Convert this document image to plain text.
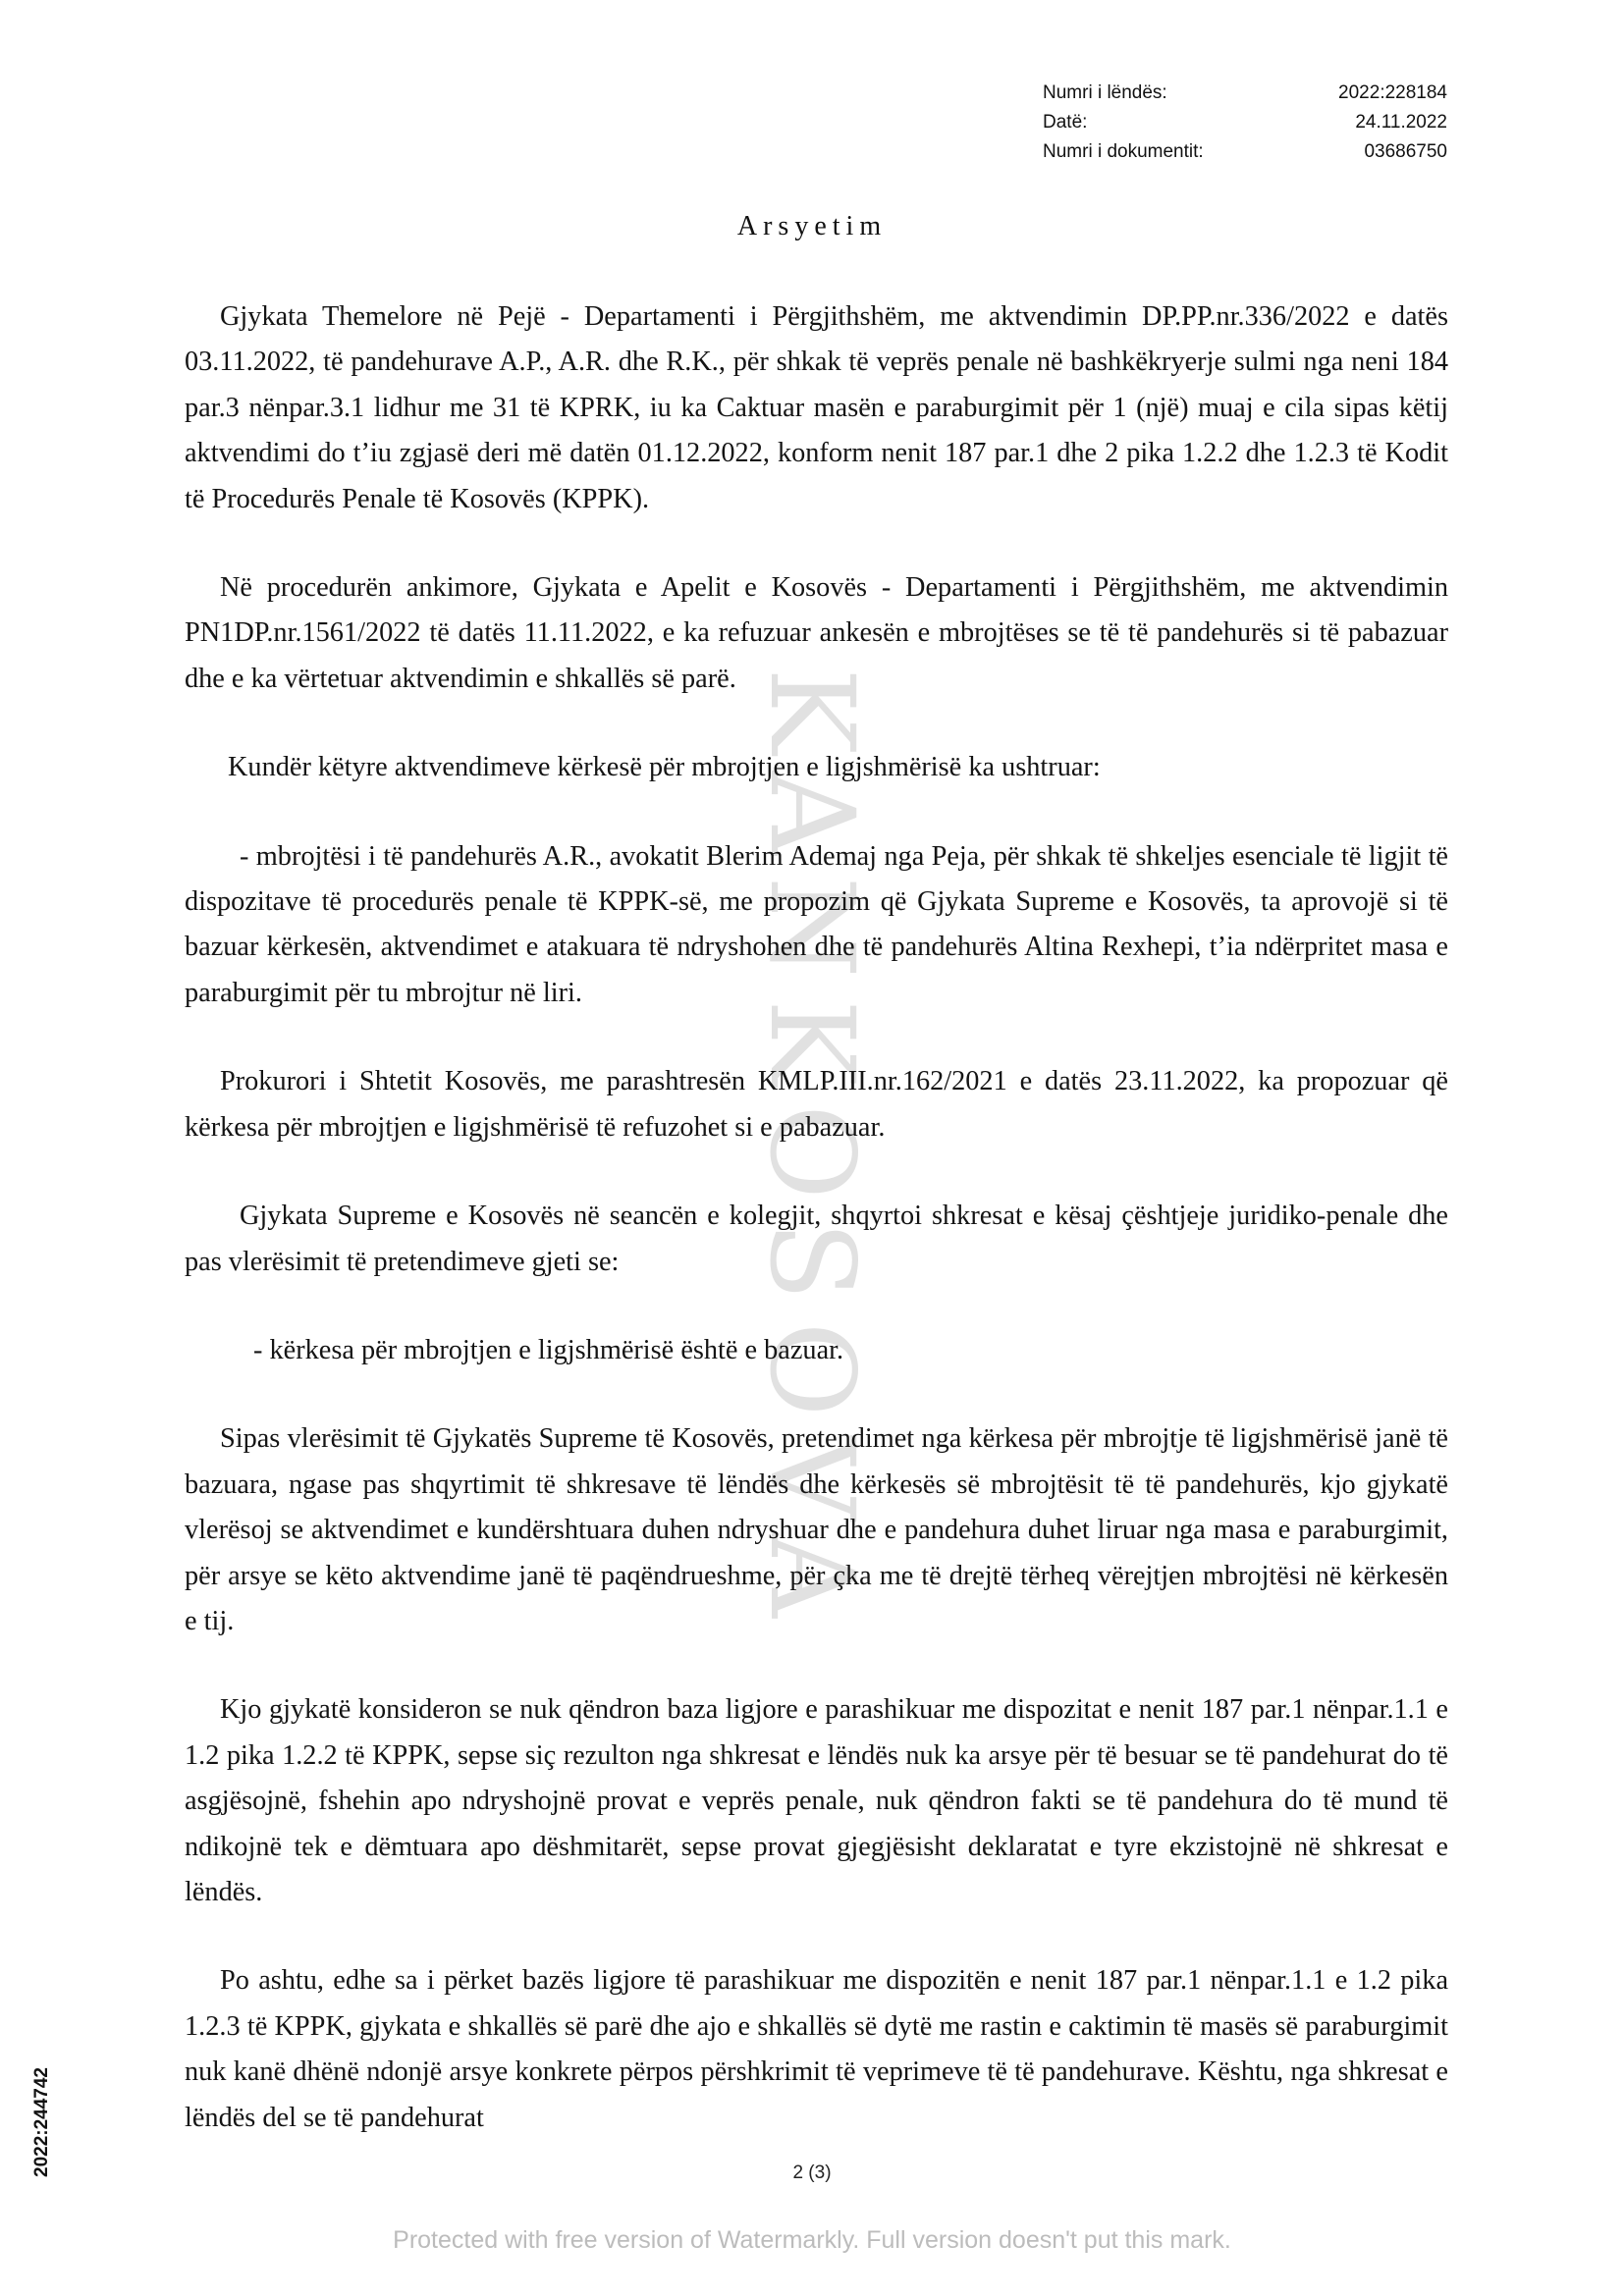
Numri i lëndës:	2022:228184
Datë:	24.11.2022
Numri i dokumentit:	03686750
KANKOSOVA
Arsyetim

Gjykata Themelore në Pejë - Departamenti i Përgjithshëm, me aktvendimin DP.PP.nr.336/2022 e datës 03.11.2022, të pandehurave A.P., A.R. dhe R.K., për shkak të veprës penale në bashkëkryerje sulmi nga neni 184 par.3 nënpar.3.1 lidhur me 31 të KPRK, iu ka Caktuar masën e paraburgimit për 1 (një) muaj e cila sipas këtij aktvendimi do t’iu zgjasë deri më datën 01.12.2022, konform nenit 187 par.1 dhe 2 pika 1.2.2 dhe 1.2.3 të Kodit të Procedurës Penale të Kosovës (KPPK).

Në procedurën ankimore, Gjykata e Apelit e Kosovës - Departamenti i Përgjithshëm, me aktvendimin PN1DP.nr.1561/2022 të datës 11.11.2022, e ka refuzuar ankesën e mbrojtëses se të të pandehurës si të pabazuar dhe e ka vërtetuar aktvendimin e shkallës së parë.

Kundër këtyre aktvendimeve kërkesë për mbrojtjen e ligjshmërisë ka ushtruar:

- mbrojtësi i të pandehurës A.R., avokatit Blerim Ademaj nga Peja, për shkak të shkeljes esenciale të ligjit të dispozitave të procedurës penale të KPPK-së, me propozim që Gjykata Supreme e Kosovës, ta aprovojë si të bazuar kërkesën, aktvendimet e atakuara të ndryshohen dhe të pandehurës Altina Rexhepi, t’ia ndërpritet masa e paraburgimit për tu mbrojtur në liri.

Prokurori i Shtetit Kosovës, me parashtresën KMLP.III.nr.162/2021 e datës 23.11.2022, ka propozuar që kërkesa për mbrojtjen e ligjshmërisë të refuzohet si e pabazuar.

Gjykata Supreme e Kosovës në seancën e kolegjit, shqyrtoi shkresat e kësaj çështjeje juridiko-penale dhe pas vlerësimit të pretendimeve gjeti se:

- kërkesa për mbrojtjen e ligjshmërisë është e bazuar.

Sipas vlerësimit të Gjykatës Supreme të Kosovës, pretendimet nga kërkesa për mbrojtje të ligjshmërisë janë të bazuara, ngase pas shqyrtimit të shkresave të lëndës dhe kërkesës së mbrojtësit të të pandehurës, kjo gjykatë vlerësoj se aktvendimet e kundërshtuara duhen ndryshuar dhe e pandehura duhet liruar nga masa e paraburgimit, për arsye se këto aktvendime janë të paqëndrueshme, për çka me të drejtë tërheq vërejtjen mbrojtësi në kërkesën e tij.

Kjo gjykatë konsideron se nuk qëndron baza ligjore e parashikuar me dispozitat e nenit 187 par.1 nënpar.1.1 e 1.2 pika 1.2.2 të KPPK, sepse siç rezulton nga shkresat e lëndës nuk ka arsye për të besuar se të pandehurat do të asgjësojnë, fshehin apo ndryshojnë provat e veprës penale, nuk qëndron fakti se të pandehura do të mund të ndikojnë tek e dëmtuara apo dëshmitarët, sepse provat gjegjësisht deklaratat e tyre ekzistojnë në shkresat e lëndës.

Po ashtu, edhe sa i përket bazës ligjore të parashikuar me dispozitën e nenit 187 par.1 nënpar.1.1 e 1.2 pika 1.2.3 të KPPK, gjykata e shkallës së parë dhe ajo e shkallës së dytë me rastin e caktimin të masës së paraburgimit nuk kanë dhënë ndonjë arsye konkrete përpos përshkrimit të veprimeve të të pandehurave. Kështu, nga shkresat e lëndës del se të pandehurat

2 (3)
Protected with free version of Watermarkly. Full version doesn't put this mark.
2022:244742
